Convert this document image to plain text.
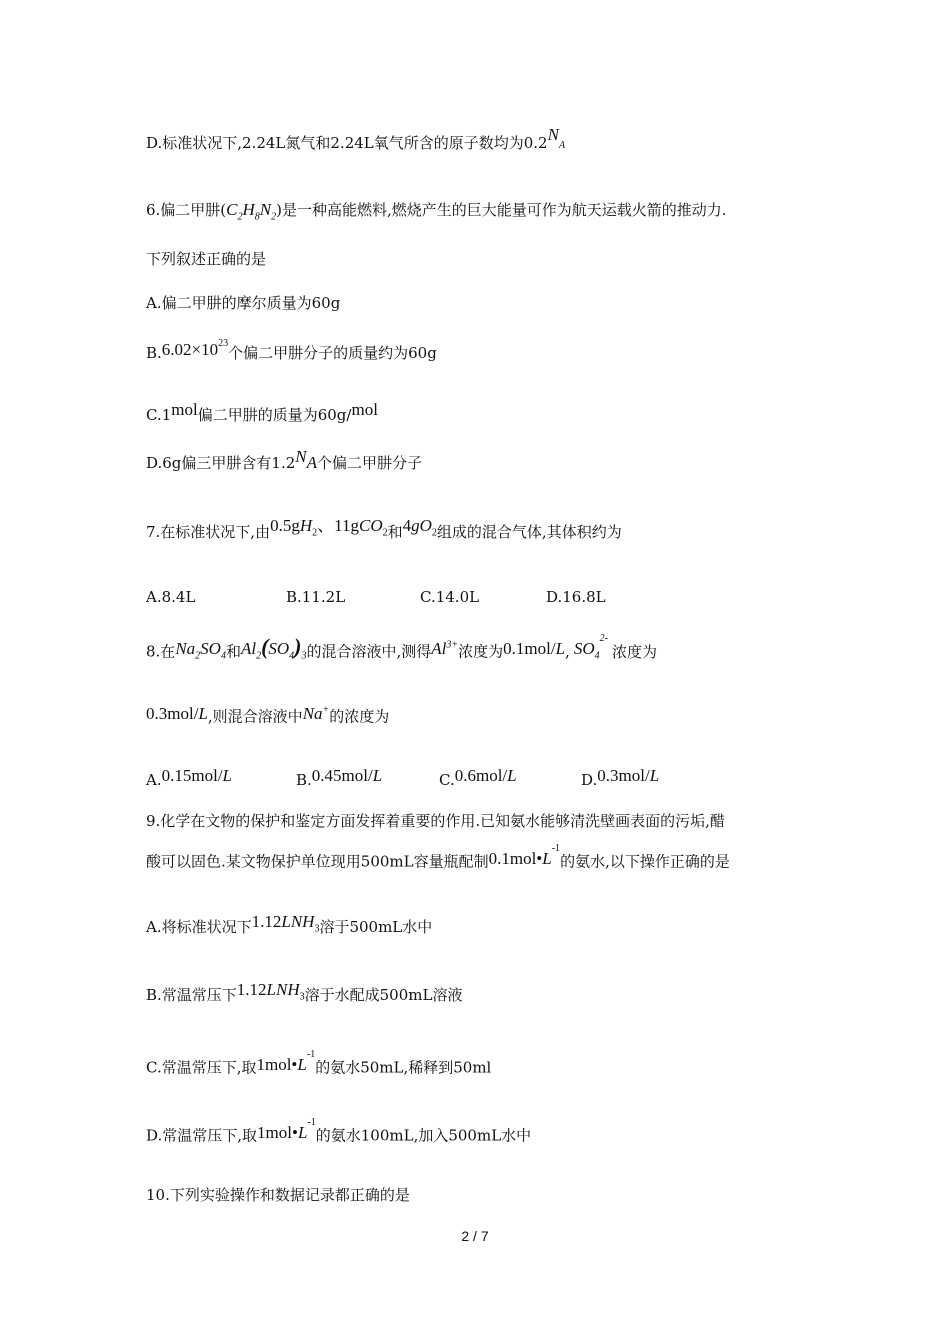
D.标准状况下,2.24L氮气和2.24L氧气所含的原子数均为$0.2N_A$
6.偏二甲肼$(C_2H_8N_2)$是一种高能燃料,燃烧产生的巨大能量可作为航天运载火箭的推动力.
下列叙述正确的是
A.偏二甲肼的摩尔质量为60g
$B.6.02\times 10^{23}$个偏二甲肼分子的质量约为60g
C.1mol偏二甲肼的质量为60g/mol
D.6g偏三甲肼含有$1.2N_A$个偏二甲肼分子
7.在标准状况下,由$0.5gH_2$、11gCO$_2$和$4gO_2$组成的混合气体,其体积约为
A.8.4L	B.11.2L	C.14.0L	D.16.8L
8.在$Na_2SO_4$和$Al_2(SO_4)_3$的混合溶液中,测得$Al^{3+}$浓度为0.1mol/L, $SO_4^{2-}$浓度为
0.3mol/L,则混合溶液中Na+的浓度为
A.0.15mol/L	B.0.45mol/L	C.0.6mol/L	D.0.3mol/L
9.化学在文物的保护和鉴定方面发挥着重要的作用.已知氨水能够清洗壁画表面的污垢,醋
酸可以固色.某文物保护单位现用500mL容量瓶配制$0.1mol•L^{-1}$的氨水,以下操作正确的是
A.将标准状况下$1.12LNH_3$溶于500mL水中
B.常温常压下$1.12LNH_3$溶于水配成500mL溶液
C.常温常压下,取$1mol•L^{-1}$的氨水50mL,稀释到50ml
D.常温常压下,取$1mol•L^{-1}$的氨水100mL,加入500mL水中
10.下列实验操作和数据记录都正确的是
2 / 7
